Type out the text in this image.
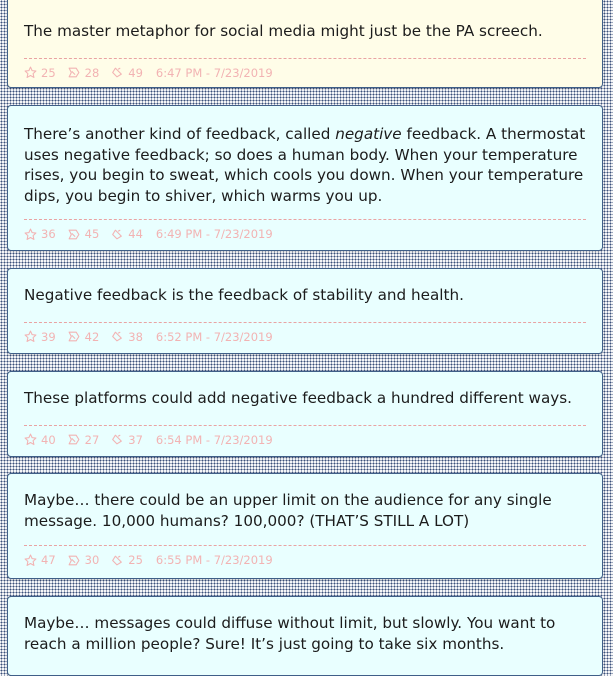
The master metaphor for social media might just be the PA screech.

25	28	49 6:47 PM - 7/23/2019

There’s another kind of feedback, called negative feedback. A thermostat uses negative feedback; so does a human body. When your temperature rises, you begin to sweat, which cools you down. When your temperature dips, you begin to shiver, which warms you up.

36	45	44 6:49 PM - 7/23/2019

Negative feedback is the feedback of stability and health.

39	42	38 6:52 PM - 7/23/2019

These platforms could add negative feedback a hundred different ways.

40	27	37 6:54 PM - 7/23/2019

Maybe… there could be an upper limit on the audience for any single message. 10,000 humans? 100,000? (THAT’S STILL A LOT)

47	30	25 6:55 PM - 7/23/2019

Maybe… messages could diffuse without limit, but slowly. You want to reach a million people? Sure! It’s just going to take six months.
